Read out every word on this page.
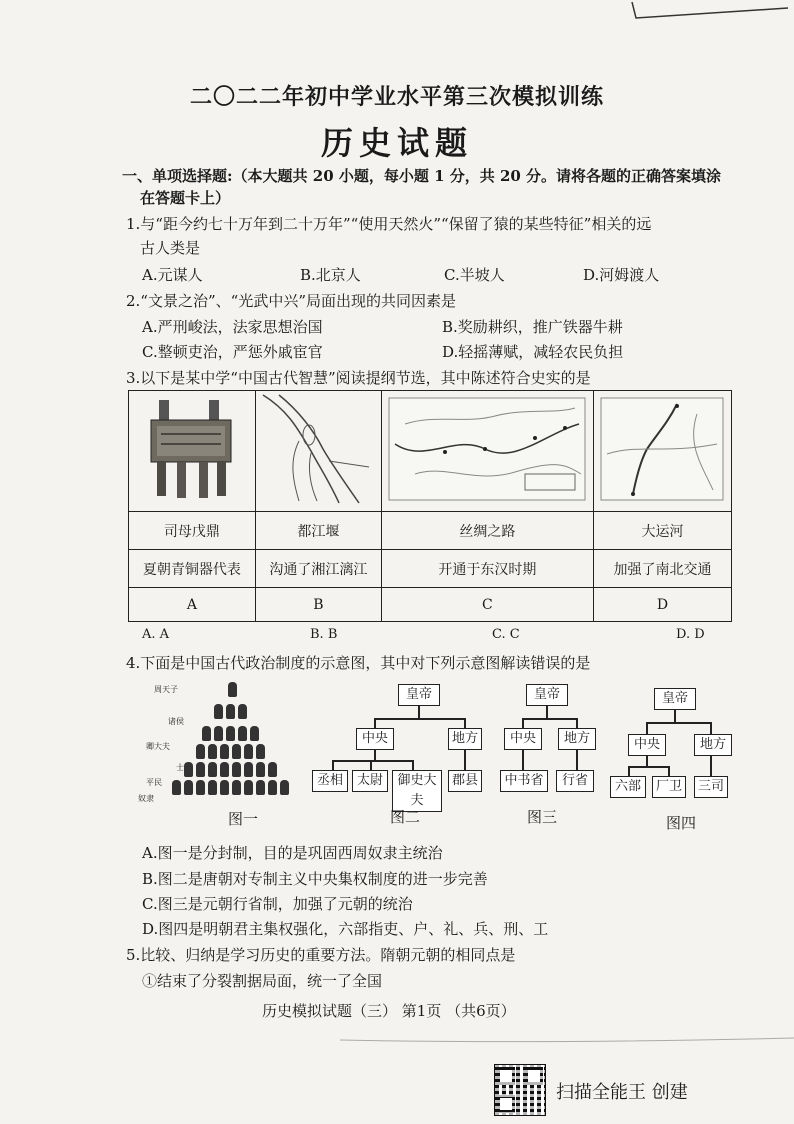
二〇二二年初中学业水平第三次模拟训练
历史试题
一、单项选择题:（本大题共 20 小题，每小题 1 分，共 20 分。请将各题的正确答案填涂
在答题卡上）
1.与“距今约七十万年到二十万年”“使用天然火”“保留了猿的某些特征”相关的远
古人类是
A.元谋人	B.北京人	C.半坡人	D.河姆渡人
2.“文景之治”、“光武中兴”局面出现的共同因素是
A.严刑峻法，法家思想治国	B.奖励耕织，推广铁器牛耕
C.整顿吏治，严惩外戚宦官	D.轻摇薄赋，减轻农民负担
3.以下是某中学“中国古代智慧”阅读提纲节选，其中陈述符合史实的是

司母戊鼎	都江堰	丝绸之路	大运河
夏朝青铜器代表	沟通了湘江漓江	开通于东汉时期	加强了南北交通
A	B	C	D
A. A	B. B	C. C	D. D
4.下面是中国古代政治制度的示意图，其中对下列示意图解读错误的是
周天子
诸侯
卿大夫
士
平民
奴隶
图一
皇帝
中央	地方
丞相	太尉	御史大夫
郡县
图二
皇帝
中央	地方
中书省	行省
图三
皇帝
中央	地方
六部	厂卫	三司
图四
A.图一是分封制，目的是巩固西周奴隶主统治
B.图二是唐朝对专制主义中央集权制度的进一步完善
C.图三是元朝行省制，加强了元朝的统治
D.图四是明朝君主集权强化，六部指吏、户、礼、兵、刑、工
5.比较、归纳是学习历史的重要方法。隋朝元朝的相同点是
①结束了分裂割据局面，统一了全国
历史模拟试题（三） 第1页 （共6页）
扫描全能王 创建
